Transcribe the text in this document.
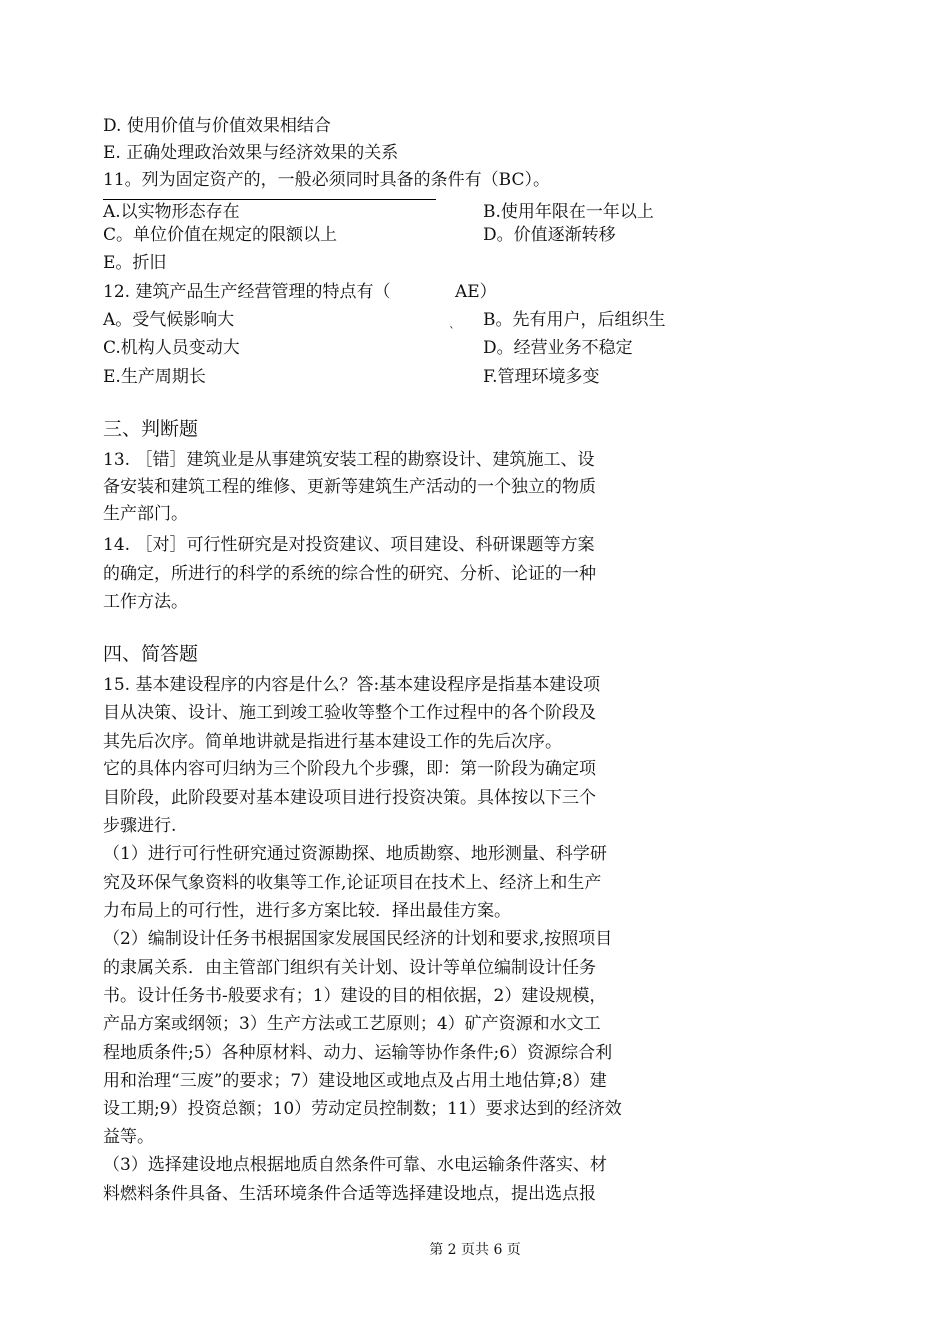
D. 使用价值与价值效果相结合
E. 正确处理政治效果与经济效果的关系
11。列为固定资产的，一般必须同时具备的条件有（BC）。
A.以实物形态存在	B.使用年限在一年以上
C。单位价值在规定的限额以上	D。价值逐渐转移
E。折旧
12. 建筑产品生产经营管理的特点有（	AE）
`
A。受气候影响大	B。先有用户，后组织生
C.机构人员变动大	D。经营业务不稳定
E.生产周期长	F.管理环境多变
三、判断题
13. ［错］建筑业是从事建筑安装工程的勘察设计、建筑施工、设
备安装和建筑工程的维修、更新等建筑生产活动的一个独立的物质
生产部门。
14. ［对］可行性研究是对投资建议、项目建设、科研课题等方案
的确定，所进行的科学的系统的综合性的研究、分析、论证的一种
工作方法。
四、简答题
15. 基本建设程序的内容是什么？答:基本建设程序是指基本建设项
目从决策、设计、施工到竣工验收等整个工作过程中的各个阶段及
其先后次序。简单地讲就是指进行基本建设工作的先后次序。
它的具体内容可归纳为三个阶段九个步骤，即：第一阶段为确定项
目阶段，此阶段要对基本建设项目进行投资决策。具体按以下三个
步骤进行.
（1）进行可行性研究通过资源勘探、地质勘察、地形测量、科学研
究及环保气象资料的收集等工作,论证项目在技术上、经济上和生产
力布局上的可行性，进行多方案比较．择出最佳方案。
（2）编制设计任务书根据国家发展国民经济的计划和要求,按照项目
的隶属关系．由主管部门组织有关计划、设计等单位编制设计任务
书。设计任务书-般要求有；1）建设的目的相依据，2）建设规模，
产品方案或纲领；3）生产方法或工艺原则；4）矿产资源和水文工
程地质条件;5）各种原材料、动力、运输等协作条件;6）资源综合利
用和治理“三废”的要求；7）建设地区或地点及占用土地估算;8）建
设工期;9）投资总额；10）劳动定员控制数；11）要求达到的经济效
益等。
（3）选择建设地点根据地质自然条件可靠、水电运输条件落实、材
料燃料条件具备、生活环境条件合适等选择建设地点，提出选点报
第 2 页共 6 页
